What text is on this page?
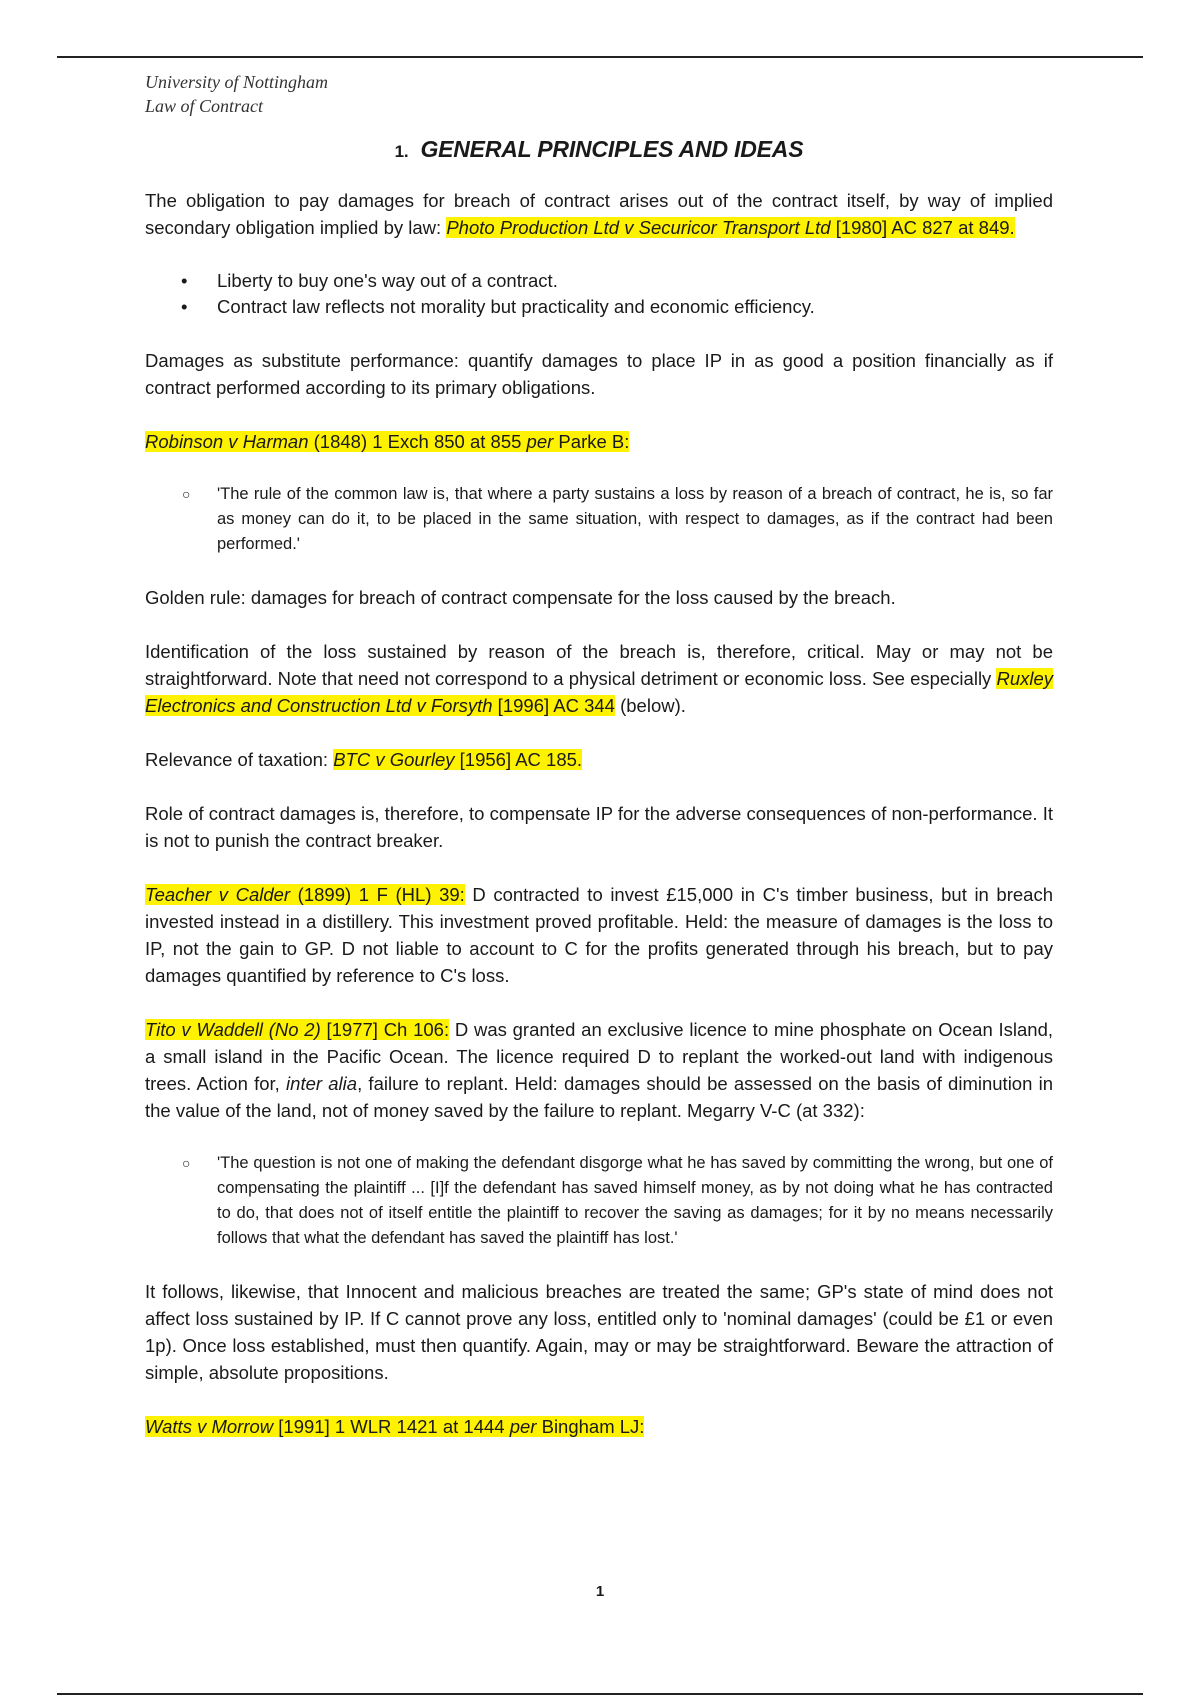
University of Nottingham
Law of Contract
1. GENERAL PRINCIPLES AND IDEAS

The obligation to pay damages for breach of contract arises out of the contract itself, by way of implied secondary obligation implied by law: Photo Production Ltd v Securicor Transport Ltd [1980] AC 827 at 849.

• Liberty to buy one's way out of a contract.
• Contract law reflects not morality but practicality and economic efficiency.

Damages as substitute performance: quantify damages to place IP in as good a position financially as if contract performed according to its primary obligations.

Robinson v Harman (1848) 1 Exch 850 at 855 per Parke B:

○ 'The rule of the common law is, that where a party sustains a loss by reason of a breach of contract, he is, so far as money can do it, to be placed in the same situation, with respect to damages, as if the contract had been performed.'

Golden rule: damages for breach of contract compensate for the loss caused by the breach.

Identification of the loss sustained by reason of the breach is, therefore, critical. May or may not be straightforward. Note that need not correspond to a physical detriment or economic loss. See especially Ruxley Electronics and Construction Ltd v Forsyth [1996] AC 344 (below).

Relevance of taxation: BTC v Gourley [1956] AC 185.

Role of contract damages is, therefore, to compensate IP for the adverse consequences of non-performance. It is not to punish the contract breaker.

Teacher v Calder (1899) 1 F (HL) 39: D contracted to invest £15,000 in C's timber business, but in breach invested instead in a distillery. This investment proved profitable. Held: the measure of damages is the loss to IP, not the gain to GP. D not liable to account to C for the profits generated through his breach, but to pay damages quantified by reference to C's loss.

Tito v Waddell (No 2) [1977] Ch 106: D was granted an exclusive licence to mine phosphate on Ocean Island, a small island in the Pacific Ocean. The licence required D to replant the worked-out land with indigenous trees. Action for, inter alia, failure to replant. Held: damages should be assessed on the basis of diminution in the value of the land, not of money saved by the failure to replant. Megarry V-C (at 332):

○ 'The question is not one of making the defendant disgorge what he has saved by committing the wrong, but one of compensating the plaintiff ... [I]f the defendant has saved himself money, as by not doing what he has contracted to do, that does not of itself entitle the plaintiff to recover the saving as damages; for it by no means necessarily follows that what the defendant has saved the plaintiff has lost.'

It follows, likewise, that Innocent and malicious breaches are treated the same; GP's state of mind does not affect loss sustained by IP. If C cannot prove any loss, entitled only to 'nominal damages' (could be £1 or even 1p). Once loss established, must then quantify. Again, may or may be straightforward. Beware the attraction of simple, absolute propositions.

Watts v Morrow [1991] 1 WLR 1421 at 1444 per Bingham LJ:

1
